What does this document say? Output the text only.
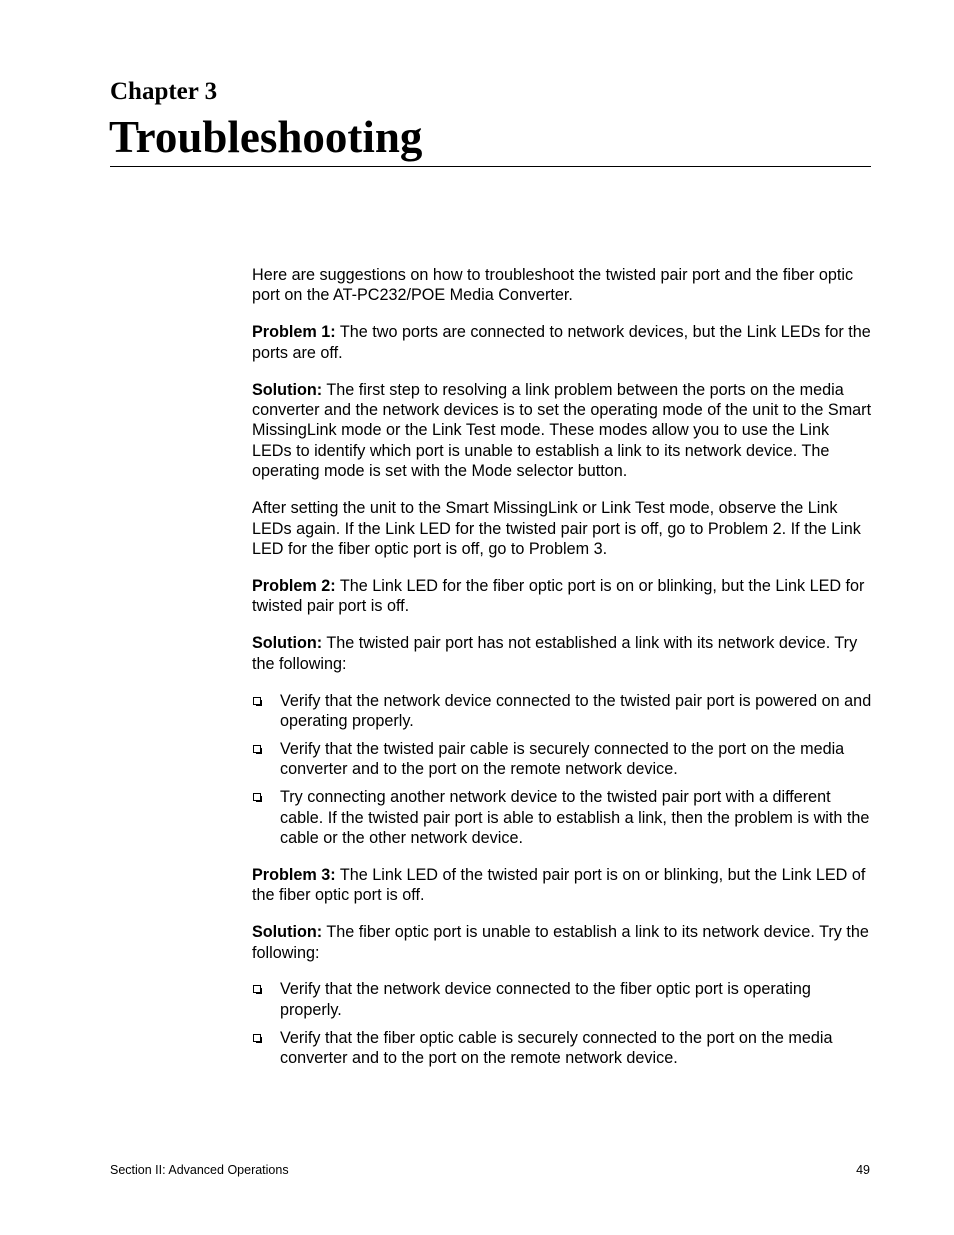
Chapter 3
Troubleshooting

Here are suggestions on how to troubleshoot the twisted pair port and the fiber optic port on the AT-PC232/POE Media Converter.

Problem 1: The two ports are connected to network devices, but the Link LEDs for the ports are off.

Solution: The first step to resolving a link problem between the ports on the media converter and the network devices is to set the operating mode of the unit to the Smart MissingLink mode or the Link Test mode. These modes allow you to use the Link LEDs to identify which port is unable to establish a link to its network device. The operating mode is set with the Mode selector button.

After setting the unit to the Smart MissingLink or Link Test mode, observe the Link LEDs again. If the Link LED for the twisted pair port is off, go to Problem 2. If the Link LED for the fiber optic port is off, go to Problem 3.

Problem 2: The Link LED for the fiber optic port is on or blinking, but the Link LED for twisted pair port is off.

Solution: The twisted pair port has not established a link with its network device. Try the following:

Verify that the network device connected to the twisted pair port is powered on and operating properly.
Verify that the twisted pair cable is securely connected to the port on the media converter and to the port on the remote network device.
Try connecting another network device to the twisted pair port with a different cable. If the twisted pair port is able to establish a link, then the problem is with the cable or the other network device.

Problem 3: The Link LED of the twisted pair port is on or blinking, but the Link LED of the fiber optic port is off.

Solution: The fiber optic port is unable to establish a link to its network device. Try the following:

Verify that the network device connected to the fiber optic port is operating properly.
Verify that the fiber optic cable is securely connected to the port on the media converter and to the port on the remote network device.
Section II: Advanced Operations	49
